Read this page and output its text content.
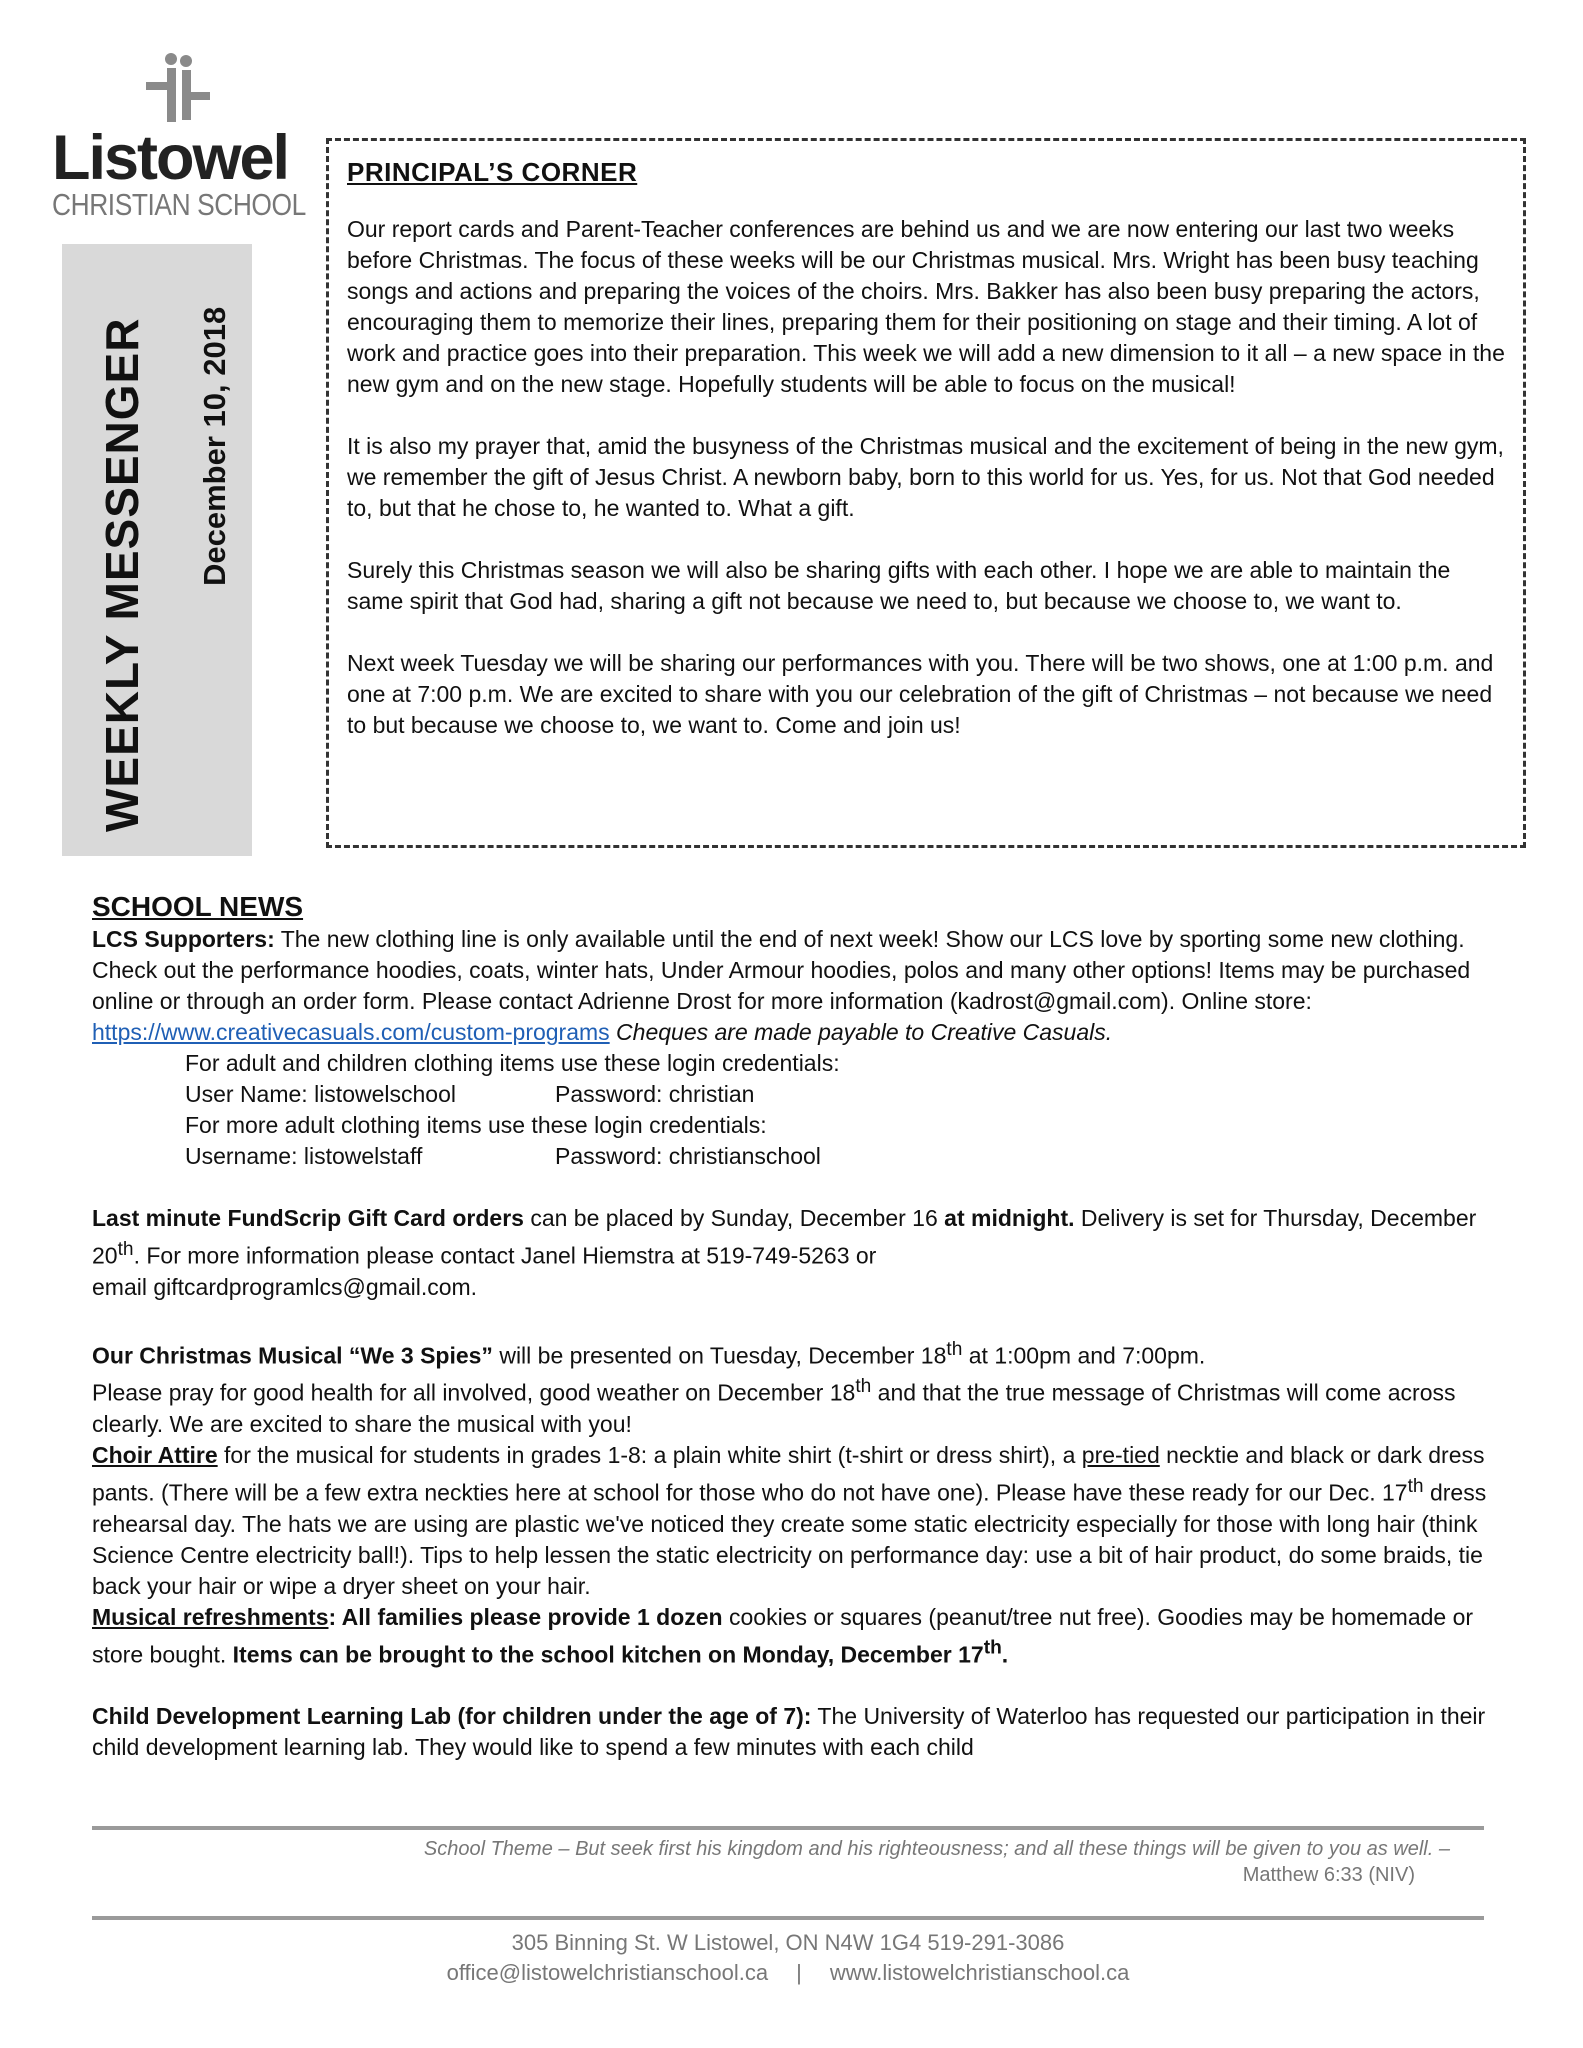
Listowel
CHRISTIAN SCHOOL
WEEKLY MESSENGER December 10, 2018
PRINCIPAL’S CORNER

Our report cards and Parent-Teacher conferences are behind us and we are now entering our last two weeks before Christmas. The focus of these weeks will be our Christmas musical. Mrs. Wright has been busy teaching songs and actions and preparing the voices of the choirs. Mrs. Bakker has also been busy preparing the actors, encouraging them to memorize their lines, preparing them for their positioning on stage and their timing. A lot of work and practice goes into their preparation. This week we will add a new dimension to it all – a new space in the new gym and on the new stage. Hopefully students will be able to focus on the musical!

It is also my prayer that, amid the busyness of the Christmas musical and the excitement of being in the new gym, we remember the gift of Jesus Christ. A newborn baby, born to this world for us. Yes, for us. Not that God needed to, but that he chose to, he wanted to. What a gift.

Surely this Christmas season we will also be sharing gifts with each other. I hope we are able to maintain the same spirit that God had, sharing a gift not because we need to, but because we choose to, we want to.

Next week Tuesday we will be sharing our performances with you. There will be two shows, one at 1:00 p.m. and one at 7:00 p.m. We are excited to share with you our celebration of the gift of Christmas – not because we need to but because we choose to, we want to. Come and join us!

SCHOOL NEWS

LCS Supporters: The new clothing line is only available until the end of next week! Show our LCS love by sporting some new clothing. Check out the performance hoodies, coats, winter hats, Under Armour hoodies, polos and many other options! Items may be purchased online or through an order form. Please contact Adrienne Drost for more information (kadrost@gmail.com). Online store: https://www.creativecasuals.com/custom-programs Cheques are made payable to Creative Casuals.

For adult and children clothing items use these login credentials:

User Name: listowelschool	Password: christian

For more adult clothing items use these login credentials:

Username: listowelstaff	Password: christianschool

Last minute FundScrip Gift Card orders can be placed by Sunday, December 16 at midnight. Delivery is set for Thursday, December 20th. For more information please contact Janel Hiemstra at 519-749-5263 or
email giftcardprogramlcs@gmail.com.

Our Christmas Musical “We 3 Spies” will be presented on Tuesday, December 18th at 1:00pm and 7:00pm.
Please pray for good health for all involved, good weather on December 18th and that the true message of Christmas will come across clearly. We are excited to share the musical with you!

Choir Attire for the musical for students in grades 1-8: a plain white shirt (t-shirt or dress shirt), a pre-tied necktie and black or dark dress pants. (There will be a few extra neckties here at school for those who do not have one). Please have these ready for our Dec. 17th dress rehearsal day. The hats we are using are plastic we've noticed they create some static electricity especially for those with long hair (think Science Centre electricity ball!). Tips to help lessen the static electricity on performance day: use a bit of hair product, do some braids, tie back your hair or wipe a dryer sheet on your hair.

Musical refreshments: All families please provide 1 dozen cookies or squares (peanut/tree nut free). Goodies may be homemade or store bought. Items can be brought to the school kitchen on Monday, December 17th.

Child Development Learning Lab (for children under the age of 7): The University of Waterloo has requested our participation in their child development learning lab. They would like to spend a few minutes with each child

School Theme – But seek first his kingdom and his righteousness; and all these things will be given to you as well. –
Matthew 6:33 (NIV)
305 Binning St. W Listowel, ON N4W 1G4 519-291-3086
office@listowelchristianschool.ca | www.listowelchristianschool.ca
